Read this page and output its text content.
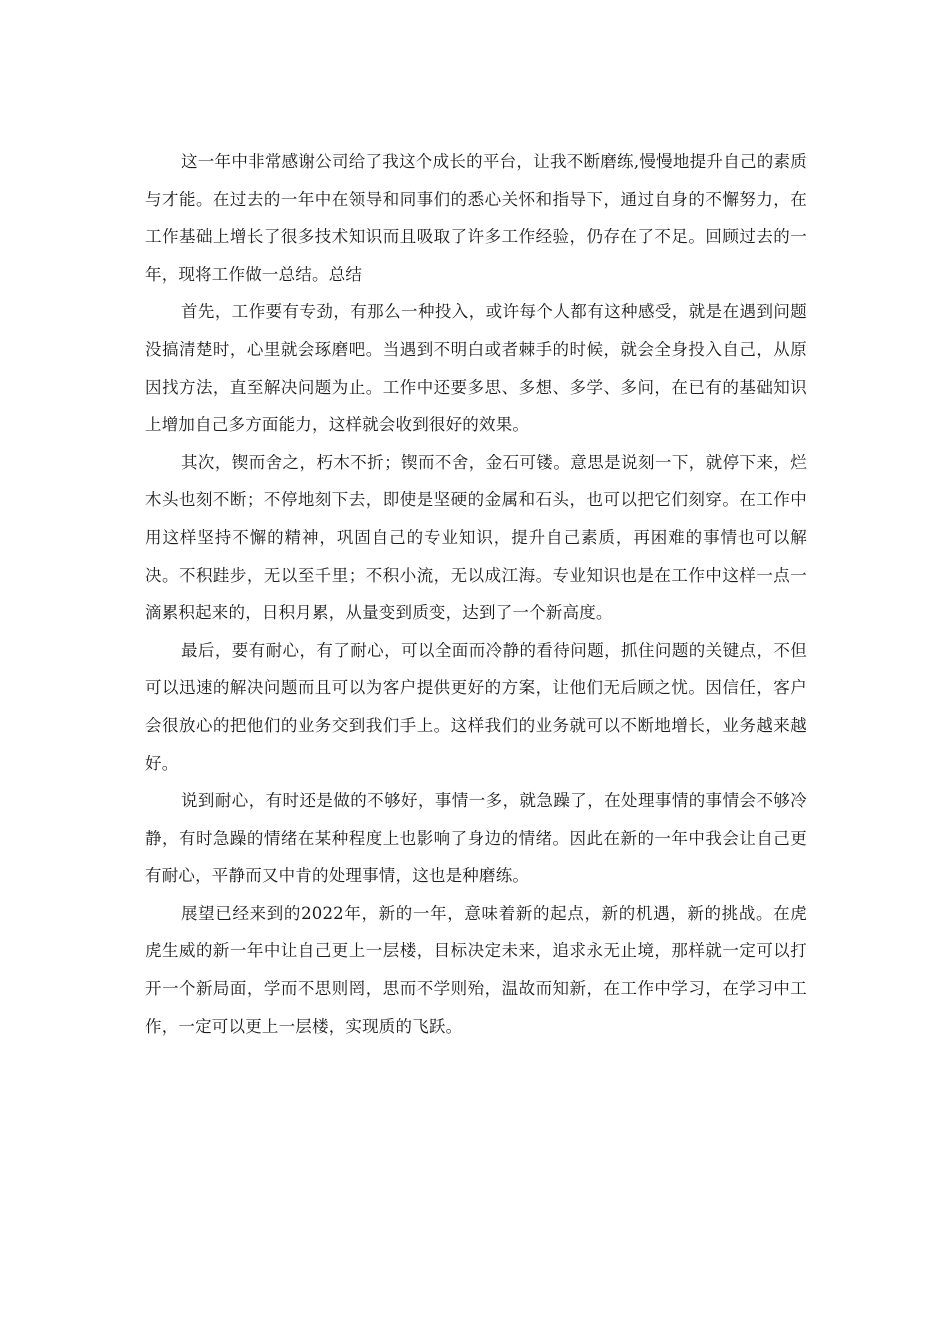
这一年中非常感谢公司给了我这个成长的平台，让我不断磨练,慢慢地提升自己的素质与才能。在过去的一年中在领导和同事们的悉心关怀和指导下，通过自身的不懈努力，在工作基础上增长了很多技术知识而且吸取了许多工作经验，仍存在了不足。回顾过去的一年，现将工作做一总结。总结

首先，工作要有专劲，有那么一种投入，或许每个人都有这种感受，就是在遇到问题没搞清楚时，心里就会琢磨吧。当遇到不明白或者棘手的时候，就会全身投入自己，从原因找方法，直至解决问题为止。工作中还要多思、多想、多学、多问，在已有的基础知识上增加自己多方面能力，这样就会收到很好的效果。

其次，锲而舍之，朽木不折；锲而不舍，金石可镂。意思是说刻一下，就停下来，烂木头也刻不断；不停地刻下去，即使是坚硬的金属和石头，也可以把它们刻穿。在工作中用这样坚持不懈的精神，巩固自己的专业知识，提升自己素质，再困难的事情也可以解决。不积跬步，无以至千里；不积小流，无以成江海。专业知识也是在工作中这样一点一滴累积起来的，日积月累，从量变到质变，达到了一个新高度。

最后，要有耐心，有了耐心，可以全面而冷静的看待问题，抓住问题的关键点，不但可以迅速的解决问题而且可以为客户提供更好的方案，让他们无后顾之忧。因信任，客户会很放心的把他们的业务交到我们手上。这样我们的业务就可以不断地增长，业务越来越好。

说到耐心，有时还是做的不够好，事情一多，就急躁了，在处理事情的事情会不够冷静，有时急躁的情绪在某种程度上也影响了身边的情绪。因此在新的一年中我会让自己更有耐心，平静而又中肯的处理事情，这也是种磨练。

展望已经来到的2022年，新的一年，意味着新的起点，新的机遇，新的挑战。在虎虎生威的新一年中让自己更上一层楼，目标决定未来，追求永无止境，那样就一定可以打开一个新局面，学而不思则罔，思而不学则殆，温故而知新，在工作中学习，在学习中工作，一定可以更上一层楼，实现质的飞跃。
